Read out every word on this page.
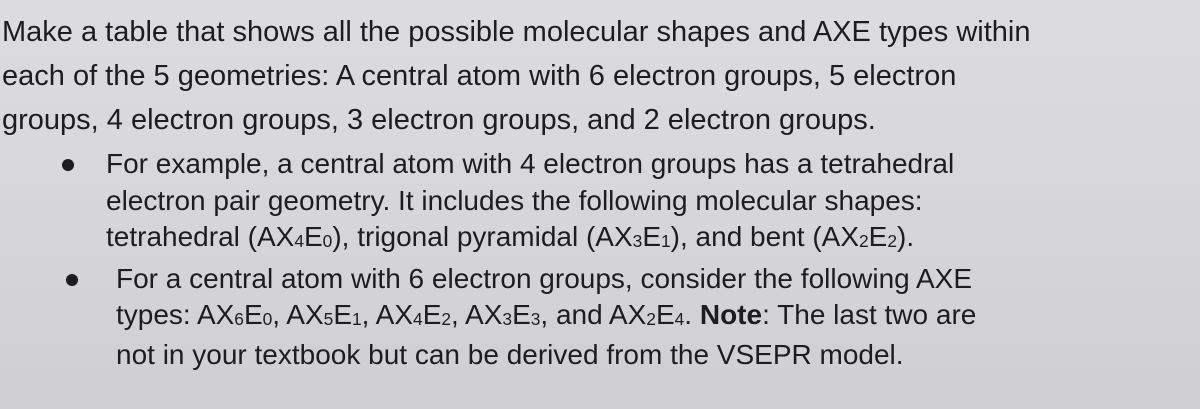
Make a table that shows all the possible molecular shapes and AXE types within
each of the 5 geometries: A central atom with 6 electron groups, 5 electron
groups, 4 electron groups, 3 electron groups, and 2 electron groups.

For example, a central atom with 4 electron groups has a tetrahedral
electron pair geometry. It includes the following molecular shapes:
tetrahedral $(AX_4E_0)$, trigonal pyramidal $(AX_3E_1)$, and bent $(AX_2E_2)$.
For a central atom with 6 electron groups, consider the following AXE
types: $AX_6E_0$, $AX_5E_1$, $AX_4E_2$, $AX_3E_3$, and $AX_2E_4$. Note: The last two are
not in your textbook but can be derived from the VSEPR model.
